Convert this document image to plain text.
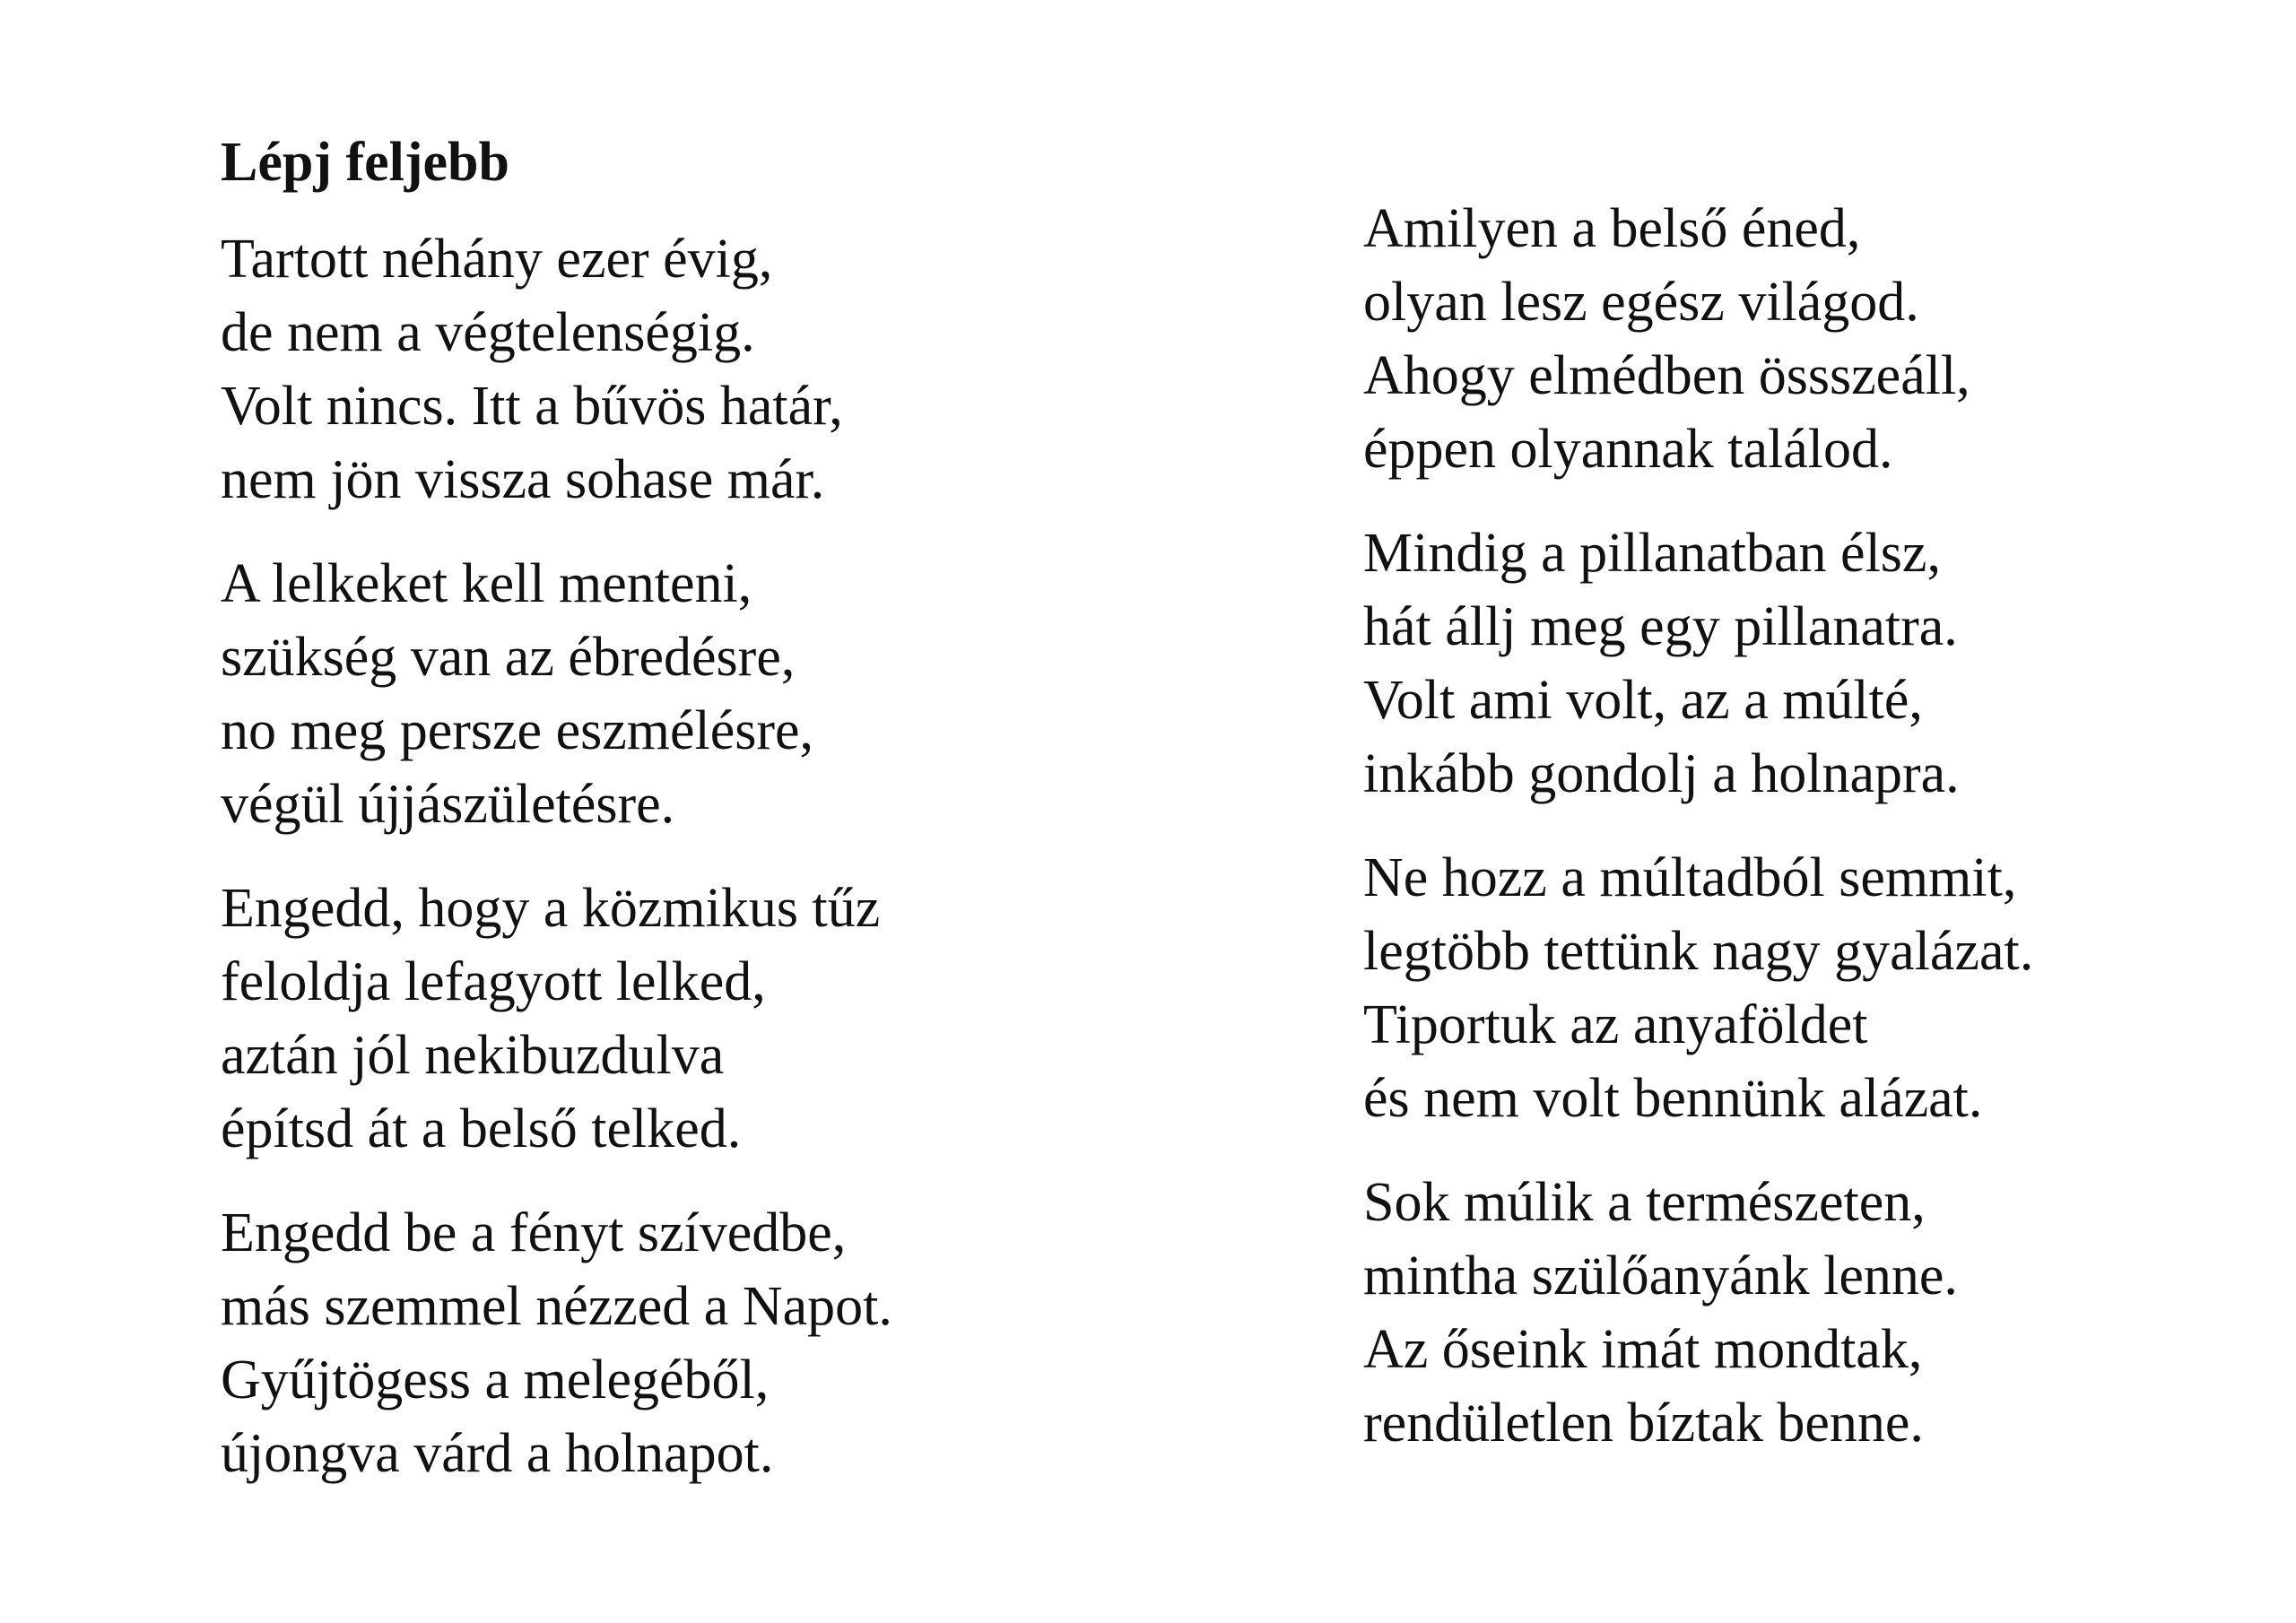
Lépj feljebb
Tartott néhány ezer évig,
de nem a végtelenségig.
Volt nincs. Itt a bűvös határ,
nem jön vissza sohase már.
A lelkeket kell menteni,
szükség van az ébredésre,
no meg persze eszmélésre,
végül újjászületésre.
Engedd, hogy a közmikus tűz
feloldja lefagyott lelked,
aztán jól nekibuzdulva
építsd át a belső telked.
Engedd be a fényt szívedbe,
más szemmel nézzed a Napot.
Gyűjtögess a melegéből,
újongva várd a holnapot.
Amilyen a belső éned,
olyan lesz egész világod.
Ahogy elmédben össszeáll,
éppen olyannak találod.
Mindig a pillanatban élsz,
hát állj meg egy pillanatra.
Volt ami volt, az a múlté,
inkább gondolj a holnapra.
Ne hozz a múltadból semmit,
legtöbb tettünk nagy gyalázat.
Tiportuk az anyaföldet
és nem volt bennünk alázat.
Sok múlik a természeten,
mintha szülőanyánk lenne.
Az őseink imát mondtak,
rendületlen bíztak benne.
